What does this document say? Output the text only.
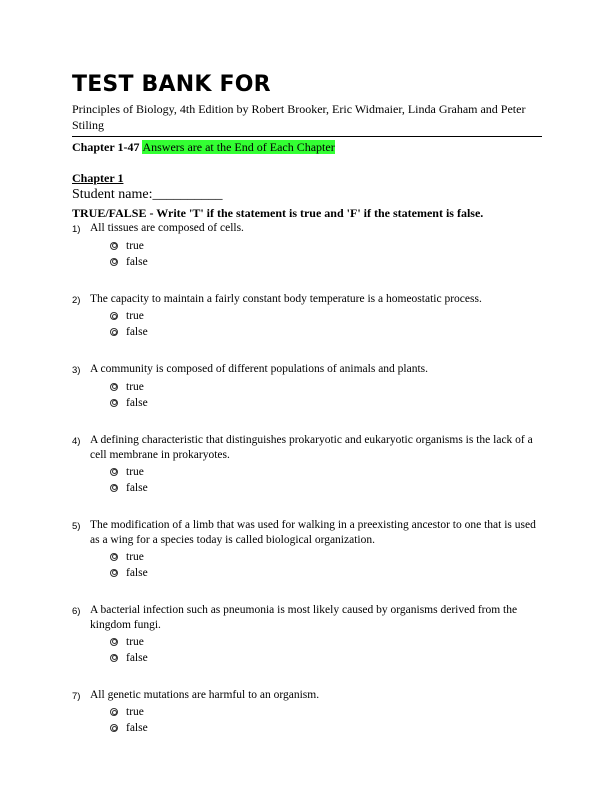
TEST BANK FOR
Principles of Biology, 4th Edition by Robert Brooker, Eric Widmaier, Linda Graham and Peter Stiling
Chapter 1-47 Answers are at the End of Each Chapter
Chapter 1
Student name:__________
TRUE/FALSE - Write 'T' if the statement is true and 'F' if the statement is false.
1) All tissues are composed of cells.
true
false
2) The capacity to maintain a fairly constant body temperature is a homeostatic process.
true
false
3) A community is composed of different populations of animals and plants.
true
false
4) A defining characteristic that distinguishes prokaryotic and eukaryotic organisms is the lack of a cell membrane in prokaryotes.
true
false
5) The modification of a limb that was used for walking in a preexisting ancestor to one that is used as a wing for a species today is called biological organization.
true
false
6) A bacterial infection such as pneumonia is most likely caused by organisms derived from the kingdom fungi.
true
false
7) All genetic mutations are harmful to an organism.
true
false
